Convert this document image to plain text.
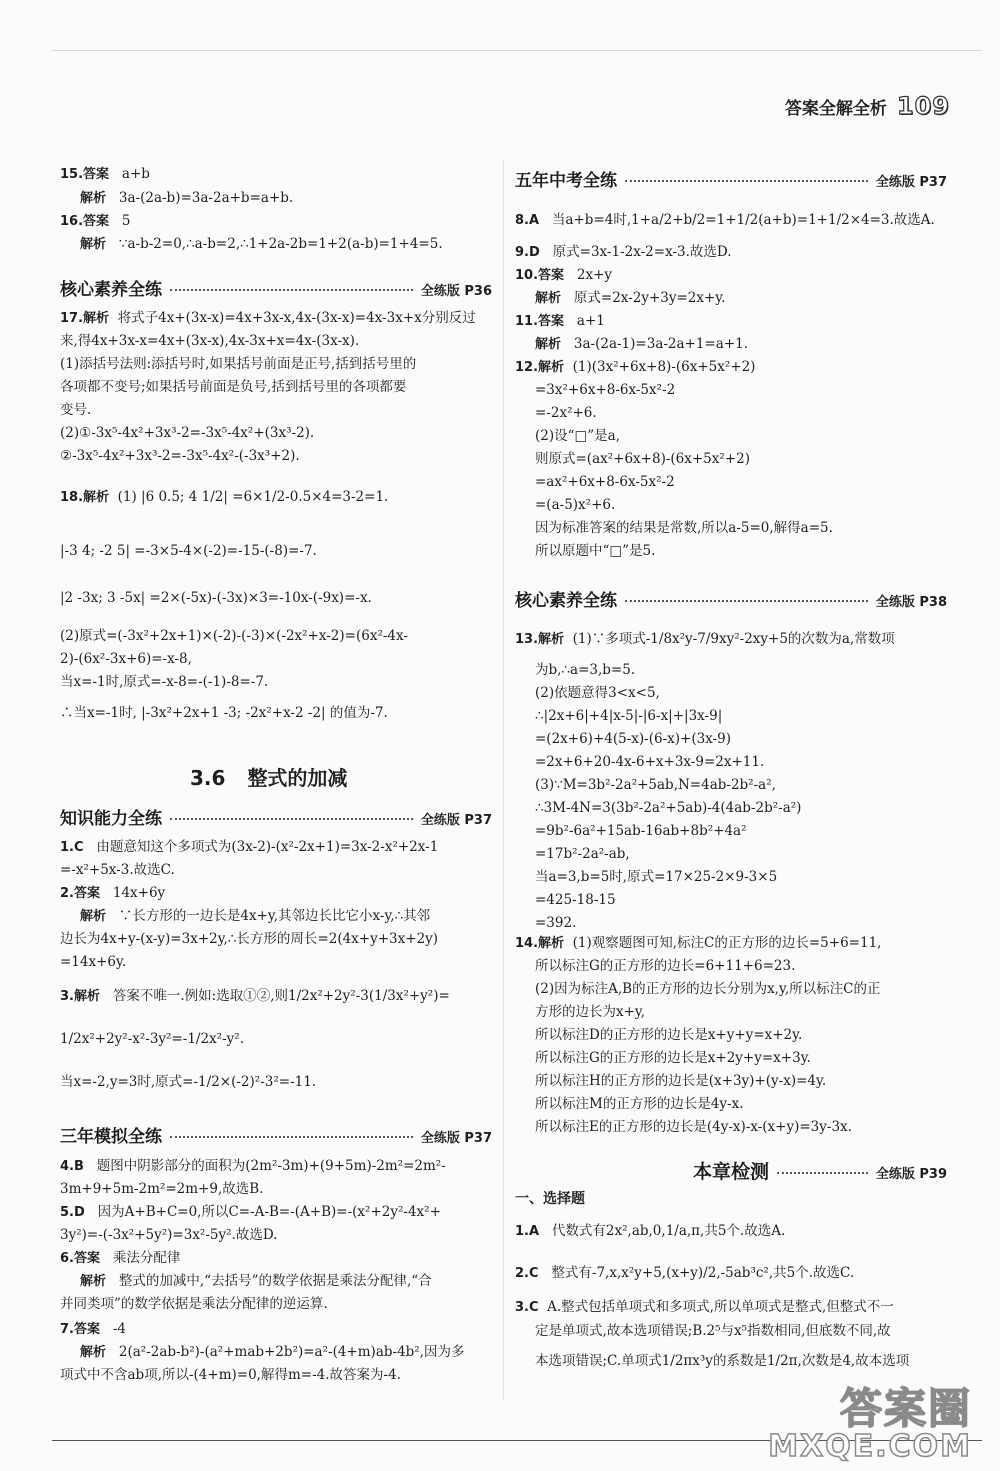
答案全解全析 109
15.答案 a+b
解析 3a-(2a-b)=3a-2a+b=a+b.
16.答案 5
解析 ∵a-b-2=0,∴a-b=2,∴1+2a-2b=1+2(a-b)=1+4=5.
核心素养全练	全练版 P36
17.解析 将式子4x+(3x-x)=4x+3x-x,4x-(3x-x)=4x-3x+x分别反过
来,得4x+3x-x=4x+(3x-x),4x-3x+x=4x-(3x-x).
(1)添括号法则:添括号时,如果括号前面是正号,括到括号里的
各项都不变号;如果括号前面是负号,括到括号里的各项都要
变号.
(2)①-3x⁵-4x²+3x³-2=-3x⁵-4x²+(3x³-2).
②-3x⁵-4x²+3x³-2=-3x⁵-4x²-(-3x³+2).
18.解析 (1) |6 0.5; 4 1/2| =6×1/2-0.5×4=3-2=1.
|-3 4; -2 5| =-3×5-4×(-2)=-15-(-8)=-7.
|2 -3x; 3 -5x| =2×(-5x)-(-3x)×3=-10x-(-9x)=-x.
(2)原式=(-3x²+2x+1)×(-2)-(-3)×(-2x²+x-2)=(6x²-4x-
2)-(6x²-3x+6)=-x-8,
当x=-1时,原式=-x-8=-(-1)-8=-7.
∴当x=-1时, |-3x²+2x+1 -3; -2x²+x-2 -2| 的值为-7.
3.6 整式的加减
知识能力全练	全练版 P37
1.C 由题意知这个多项式为(3x-2)-(x²-2x+1)=3x-2-x²+2x-1
=-x²+5x-3.故选C.
2.答案 14x+6y
解析 ∵长方形的一边长是4x+y,其邻边长比它小x-y,∴其邻
边长为4x+y-(x-y)=3x+2y,∴长方形的周长=2(4x+y+3x+2y)
=14x+6y.
3.解析 答案不唯一.例如:选取①②,则1/2x²+2y²-3(1/3x²+y²)=
1/2x²+2y²-x²-3y²=-1/2x²-y².
当x=-2,y=3时,原式=-1/2×(-2)²-3²=-11.
三年模拟全练	全练版 P37
4.B 题图中阴影部分的面积为(2m²-3m)+(9+5m)-2m²=2m²-
3m+9+5m-2m²=2m+9,故选B.
5.D 因为A+B+C=0,所以C=-A-B=-(A+B)=-(x²+2y²-4x²+
3y²)=-(-3x²+5y²)=3x²-5y².故选D.
6.答案 乘法分配律
解析 整式的加减中,“去括号”的数学依据是乘法分配律,“合
并同类项”的数学依据是乘法分配律的逆运算.
7.答案 -4
解析 2(a²-2ab-b²)-(a²+mab+2b²)=a²-(4+m)ab-4b²,因为多
项式中不含ab项,所以-(4+m)=0,解得m=-4.故答案为-4.
五年中考全练	全练版 P37
8.A 当a+b=4时,1+a/2+b/2=1+1/2(a+b)=1+1/2×4=3.故选A.
9.D 原式=3x-1-2x-2=x-3.故选D.
10.答案 2x+y
解析 原式=2x-2y+3y=2x+y.
11.答案 a+1
解析 3a-(2a-1)=3a-2a+1=a+1.
12.解析 (1)(3x²+6x+8)-(6x+5x²+2)
=3x²+6x+8-6x-5x²-2
=-2x²+6.
(2)设“□”是a,
则原式=(ax²+6x+8)-(6x+5x²+2)
=ax²+6x+8-6x-5x²-2
=(a-5)x²+6.
因为标准答案的结果是常数,所以a-5=0,解得a=5.
所以原题中“□”是5.
核心素养全练	全练版 P38
13.解析 (1)∵多项式-1/8x²y-7/9xy²-2xy+5的次数为a,常数项
为b,∴a=3,b=5.
(2)依题意得3<x<5,
∴|2x+6|+4|x-5|-|6-x|+|3x-9|
=(2x+6)+4(5-x)-(6-x)+(3x-9)
=2x+6+20-4x-6+x+3x-9=2x+11.
(3)∵M=3b²-2a²+5ab,N=4ab-2b²-a²,
∴3M-4N=3(3b²-2a²+5ab)-4(4ab-2b²-a²)
=9b²-6a²+15ab-16ab+8b²+4a²
=17b²-2a²-ab,
当a=3,b=5时,原式=17×25-2×9-3×5
=425-18-15
=392.
14.解析 (1)观察题图可知,标注C的正方形的边长=5+6=11,
所以标注G的正方形的边长=6+11+6=23.
(2)因为标注A,B的正方形的边长分别为x,y,所以标注C的正
方形的边长为x+y,
所以标注D的正方形的边长是x+y+y=x+2y.
所以标注G的正方形的边长是x+2y+y=x+3y.
所以标注H的正方形的边长是(x+3y)+(y-x)=4y.
所以标注M的正方形的边长是4y-x.
所以标注E的正方形的边长是(4y-x)-x-(x+y)=3y-3x.
本章检测	全练版 P39
一、选择题
1.A 代数式有2x²,ab,0,1/a,π,共5个.故选A.
2.C 整式有-7,x,x²y+5,(x+y)/2,-5ab³c²,共5个.故选C.
3.C A.整式包括单项式和多项式,所以单项式是整式,但整式不一
定是单项式,故本选项错误;B.2⁵与x⁵指数相同,但底数不同,故
本选项错误;C.单项式1/2πx³y的系数是1/2π,次数是4,故本选项
答案圈
MXQE.COM
